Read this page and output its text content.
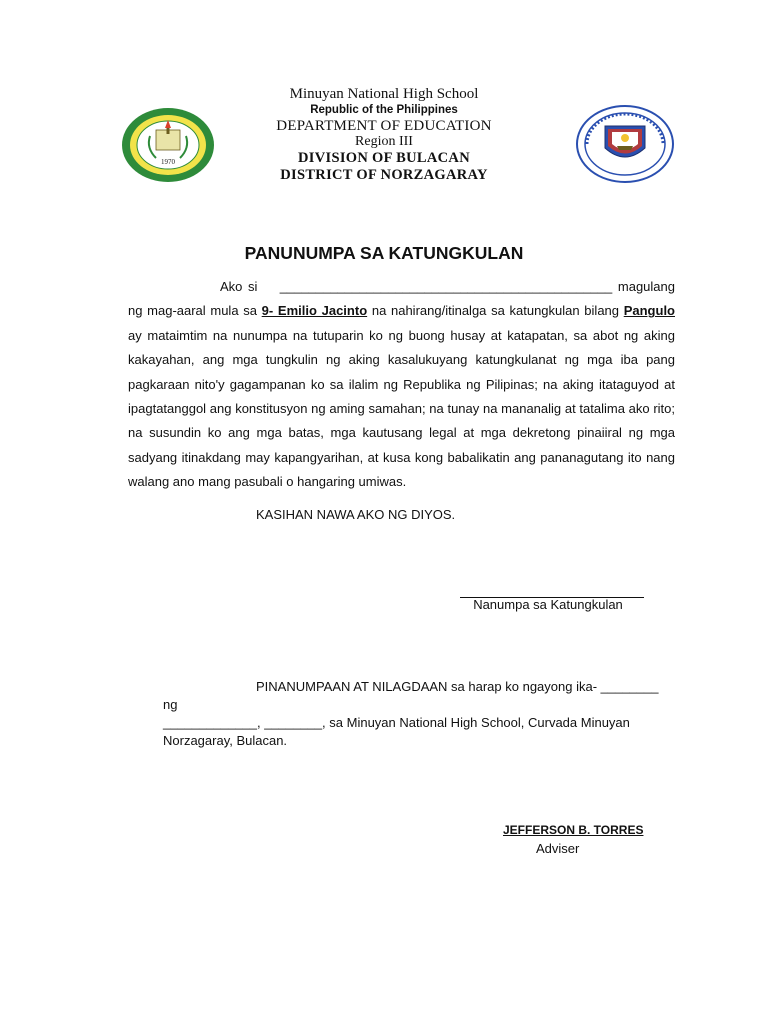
1970
Minuyan National High School
Republic of the Philippines
DEPARTMENT OF EDUCATION
Region III
DIVISION OF BULACAN
DISTRICT OF NORZAGARAY
PANUNUMPA SA KATUNGKULAN

Ako si ______________________________________________ magulang ng mag-aaral mula sa 9- Emilio Jacinto na nahirang/itinalga sa katungkulan bilang Pangulo ay mataimtim na nunumpa na tutuparin ko ng buong husay at katapatan, sa abot ng aking kakayahan, ang mga tungkulin ng aking kasalukuyang katungkulanat ng mga iba pang pagkaraan nito'y gagampanan ko sa ilalim ng Republika ng Pilipinas; na aking itataguyod at ipagtatanggol ang konstitusyon ng aming samahan; na tunay na mananalig at tatalima ako rito; na susundin ko ang mga batas, mga kautusang legal at mga dekretong pinaiiral ng mga sadyang itinakdang may kapangyarihan, at kusa kong babalikatin ang pananagutang ito nang walang ano mang pasubali o hangaring umiwas.

KASIHAN NAWA AKO NG DIYOS.
Nanumpa sa Katungkulan
PINANUMPAAN AT NILAGDAAN sa harap ko ngayong ika- ________ ng
_____________, ________, sa Minuyan National High School, Curvada Minuyan Norzagaray, Bulacan.
JEFFERSON B. TORRES
Adviser
